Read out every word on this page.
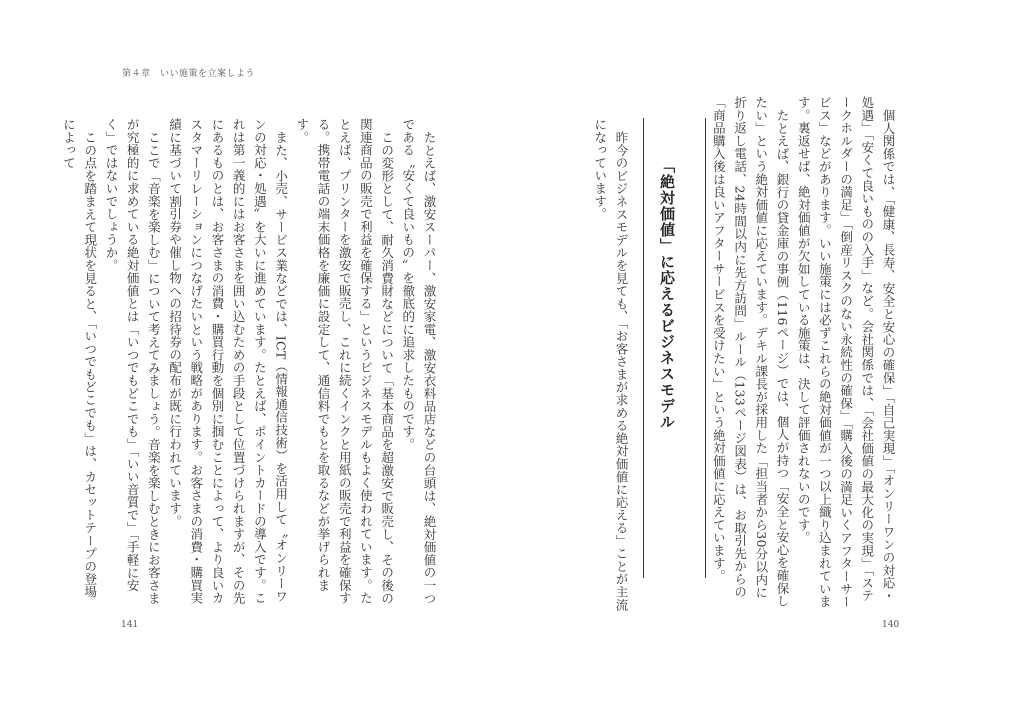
第４章　いい施策を立案しよう

個人関係では、「健康、長寿、安全と安心の確保」「自己実現」「オンリーワンの対応・処遇」「安くて良いものの入手」など。会社関係では、「会社価値の最大化の実現」「ステークホルダーの満足」「倒産リスクのない永続性の確保」「購入後の満足いくアフターサービス」などがあります。いい施策には必ずこれらの絶対価値が一つ以上織り込まれています。裏返せば、絶対価値が欠如している施策は、決して評価されないのです。

たとえば、銀行の貸金庫の事例（116ページ）では、個人が持つ「安全と安心を確保したい」という絶対価値に応えています。デキル課長が採用した「担当者から30分以内に折り返し電話、24時間以内に先方訪問」ルール（133ページ図表）は、お取引先からの「商品購入後は良いアフターサービスを受けたい」という絶対価値に応えています。

「絶対価値」に応えるビジネスモデル

昨今のビジネスモデルを見ても、「お客さまが求める絶対価値に応える」ことが主流になっています。

たとえば、激安スーパー、激安家電、激安衣料品店などの台頭は、絶対価値の一つである〝安くて良いもの〟を徹底的に追求したものです。

この変形として、耐久消費財などについて「基本商品を超激安で販売し、その後の関連商品の販売で利益を確保する」というビジネスモデルもよく使われています。たとえば、プリンターを激安で販売し、これに続くインクと用紙の販売で利益を確保する。携帯電話の端末価格を廉価に設定して、通信料でもとを取るなどが挙げられます。

また、小売、サービス業などでは、ICT（情報通信技術）を活用して〝オンリーワンの対応・処遇〟を大いに進めています。たとえば、ポイントカードの導入です。これは第一義的にはお客さまを囲い込むための手段として位置づけられますが、その先にあるものとは、お客さまの消費・購買行動を個別に掴むことによって、より良いカスタマーリレーションにつなげたいという戦略があります。お客さまの消費・購買実績に基づいて割引券や催し物への招待券の配布が既に行われています。

ここで「音楽を楽しむ」について考えてみましょう。音楽を楽しむときにお客さまが究極的に求めている絶対価値とは「いつでもどこでも」「いい音質で」「手軽に安く」ではないでしょうか。

この点を踏まえて現状を見ると、「いつでもどこでも」は、カセットテープの登場によって

141	140
